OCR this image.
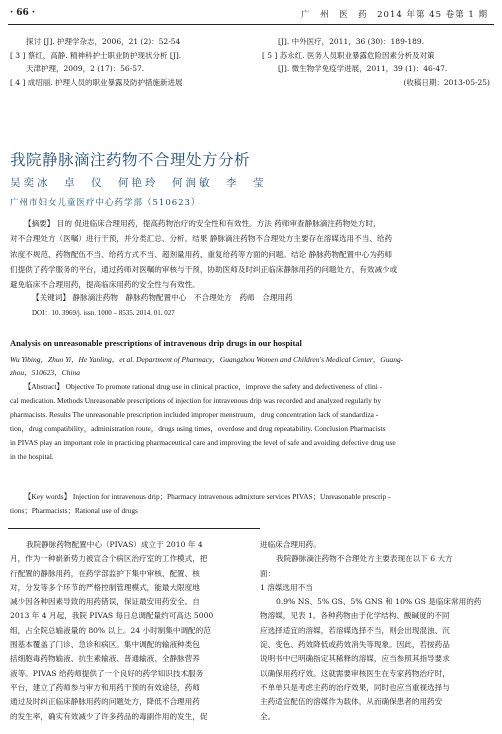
· 66 ·	广　州　医　药　2014 年第 45 卷第 1 期

探讨 [J]. 护理学杂志，2006，21 (2)：52-54

[ 3 ] 蔡红，高静. 精神科护士职业防护现状分析 [J].

天津护理，2009，2 (17)：56-57.

[ 4 ] 成绍丽. 护理人员的职业暴露及防护措施新进展

[J]. 中外医疗，2011，36 (30)：189-189.

[ 5 ] 苏永红. 医务人员职业暴露危险因素分析及对策

[J]. 微生物学免疫学进展，2011，39 (1)：46-47.

(收稿日期：2013-05-25)

我院静脉滴注药物不合理处方分析
吴奕冰　卓　仪　何艳玲　何润敏　李　莹
广州市妇女儿童医疗中心药学部（510623）

【摘要】 目的 促进临床合理用药，提高药物治疗的安全性和有效性。方法 药师审查静脉滴注药物处方时，

对不合理处方（医嘱）进行干预，并分类汇总、分析。结果 静脉滴注药物不合理处方主要存在溶媒选用不当、给药

浓度不规范、药物配伍不当、给药方式不当、超剂量用药、重复给药等方面的问题。结论 静脉药物配置中心为药师

们提供了药学服务的平台，通过药师对医嘱的审核与干预，协助医师及时纠正临床静脉用药的问题处方，有效减少或

避免临床不合理用药，提高临床用药的安全性与有效性。

【关键词】 静脉滴注药物　静脉药物配置中心　不合理处方　药师　合理用药
DOI：10. 3969/j. issn. 1000 – 8535. 2014. 01. 027
Analysis on unreasonable prescriptions of intravenous drip drugs in our hospital
Wu Yibing，Zhuo Yi，He Yanling，et al. Department of Pharmacy，Guangzhou Women and Children's Medical Center，Guang-
zhou，510623，China

【Abstract】 Objective To promote rational drug use in clinical practice，improve the safety and defectiveness of clini -

cal medication. Methods Unreasonable prescriptions of injection for intravenous drip was recorded and analyzed regularly by

pharmacists. Results The unreasonable prescription included improper menstruum，drug concentration lack of standardiza -

tion，drug compatibility，administration route，drugs using times，overdose and drug repeatability. Conclusion Pharmacists

in PIVAS play an important role in practicing pharmaceutical care and improving the level of safe and avoiding defective drug use

in the hospital.

【Key words】 Injection for intravenous drip；Pharmacy intravenous admixture services PIVAS；Unreasonable prescrip -
tions；Pharmacists；Rational use of drugs

我院静脉药物配置中心（PIVAS）成立于 2010 年 4

月，作为一种崭新势力被宣合个病区治疗室的工作模式，把

行配置的静脉用药，在药学部监护下集中审核、配置、核

对，分发等多个环节的严格控制管理模式，能最大限度地

减少因各种因素导致的用药错误，保证最安用药安全。自

2013 年 4 月起，我院 PIVAS 每日总调配量约可高达 5000

组，占全院总输液量的 80% 以上。24 小时制集中调配的范

围基本覆盖了门诊、急诊和病区。集中调配的输液种类包

括细胞毒药物输液、抗生素输液、普通输液、全静脉营养

液等。PIVAS 给药师提供了一个良好的药学知识技术服务

平台，建立了药师参与审方和用药干预的有效途径，药师

通过及时纠正临床静脉用药的问题处方，降低不合理用药

的发生率，确实有效减少了许多药品的毒副作用的发生，促

进临床合理用药。

我院静脉滴注药物不合理处方主要表现在以下 6 大方

面：

1 溶媒选用不当

0.9% NS、5% GS、5% GNS 和 10% GS 是临床常用的药

物溶媒，见表 1。各种药物由于化学结构、酸碱度的不同

应选择适宜的溶媒，若溶媒选择不当，则会出现混浊、沉

淀、变色、药效降低或药效消失等现象。因此，若按药品

说明书中已明确指定其稀释的溶媒，应当参照其指导要求

以确保用药疗效。这就需要审核医生在专家药物治疗时，

不单单只是考虑主药的治疗效果，同时也应当重视选择与

主药适宜配伍的溶媒作为载体，从而确保患者的用药安

全。
